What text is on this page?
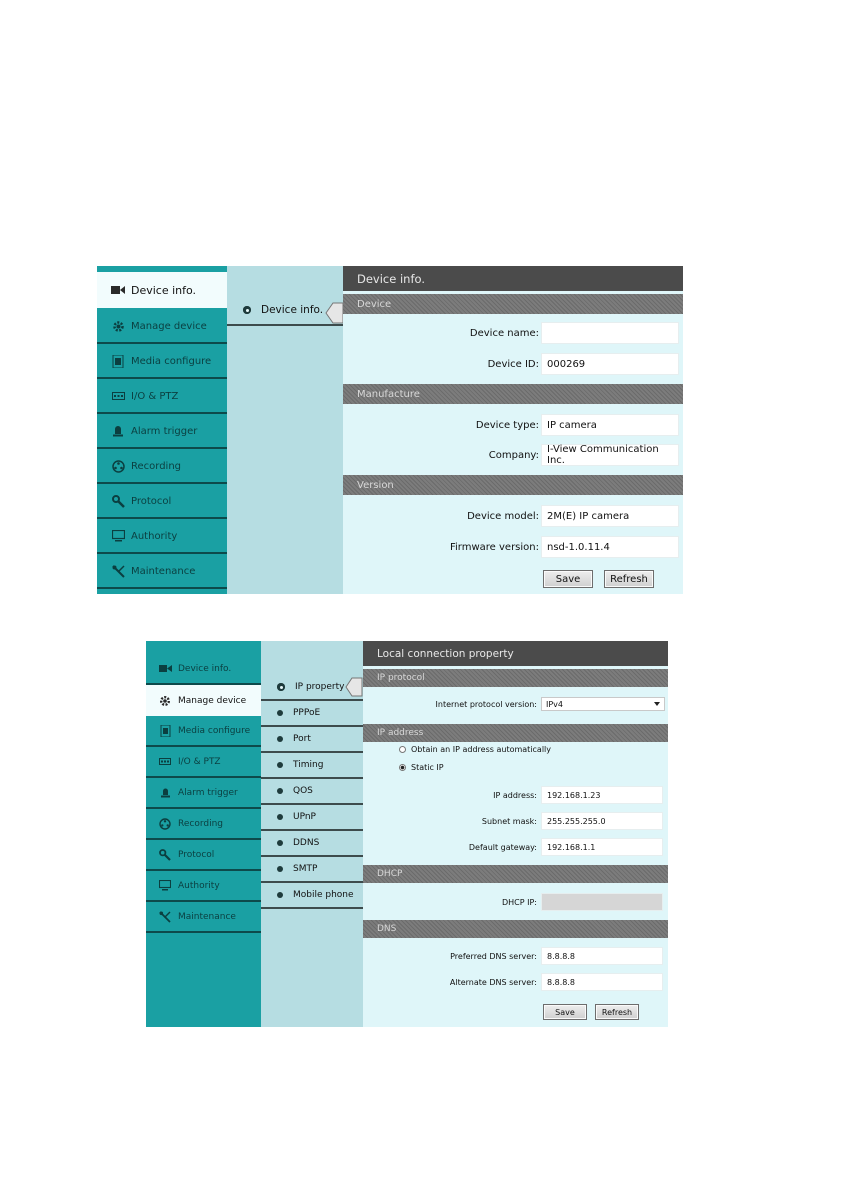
Device info.
Manage device
Media configure
I/O & PTZ
Alarm trigger
Recording
Protocol
Authority
Maintenance
Device info.
Device info.
Device
Device name:
Device ID: 000269
Manufacture
Device type: IP camera
Company: I-View Communication Inc.
Version
Device model: 2M(E) IP camera
Firmware version: nsd-1.0.11.4
Save	Refresh
Device info.
Manage device
Media configure
I/O & PTZ
Alarm trigger
Recording
Protocol
Authority
Maintenance
IP property
PPPoE
Port
Timing
QOS
UPnP
DDNS
SMTP
Mobile phone
Local connection property
IP protocol
Internet protocol version: IPv4
IP address
Obtain an IP address automatically
Static IP
IP address:	192.168.1.23
Subnet mask:	255.255.255.0
Default gateway:	192.168.1.1
DHCP
DHCP IP:
DNS
Preferred DNS server:	8.8.8.8
Alternate DNS server:	8.8.8.8
Save	Refresh
